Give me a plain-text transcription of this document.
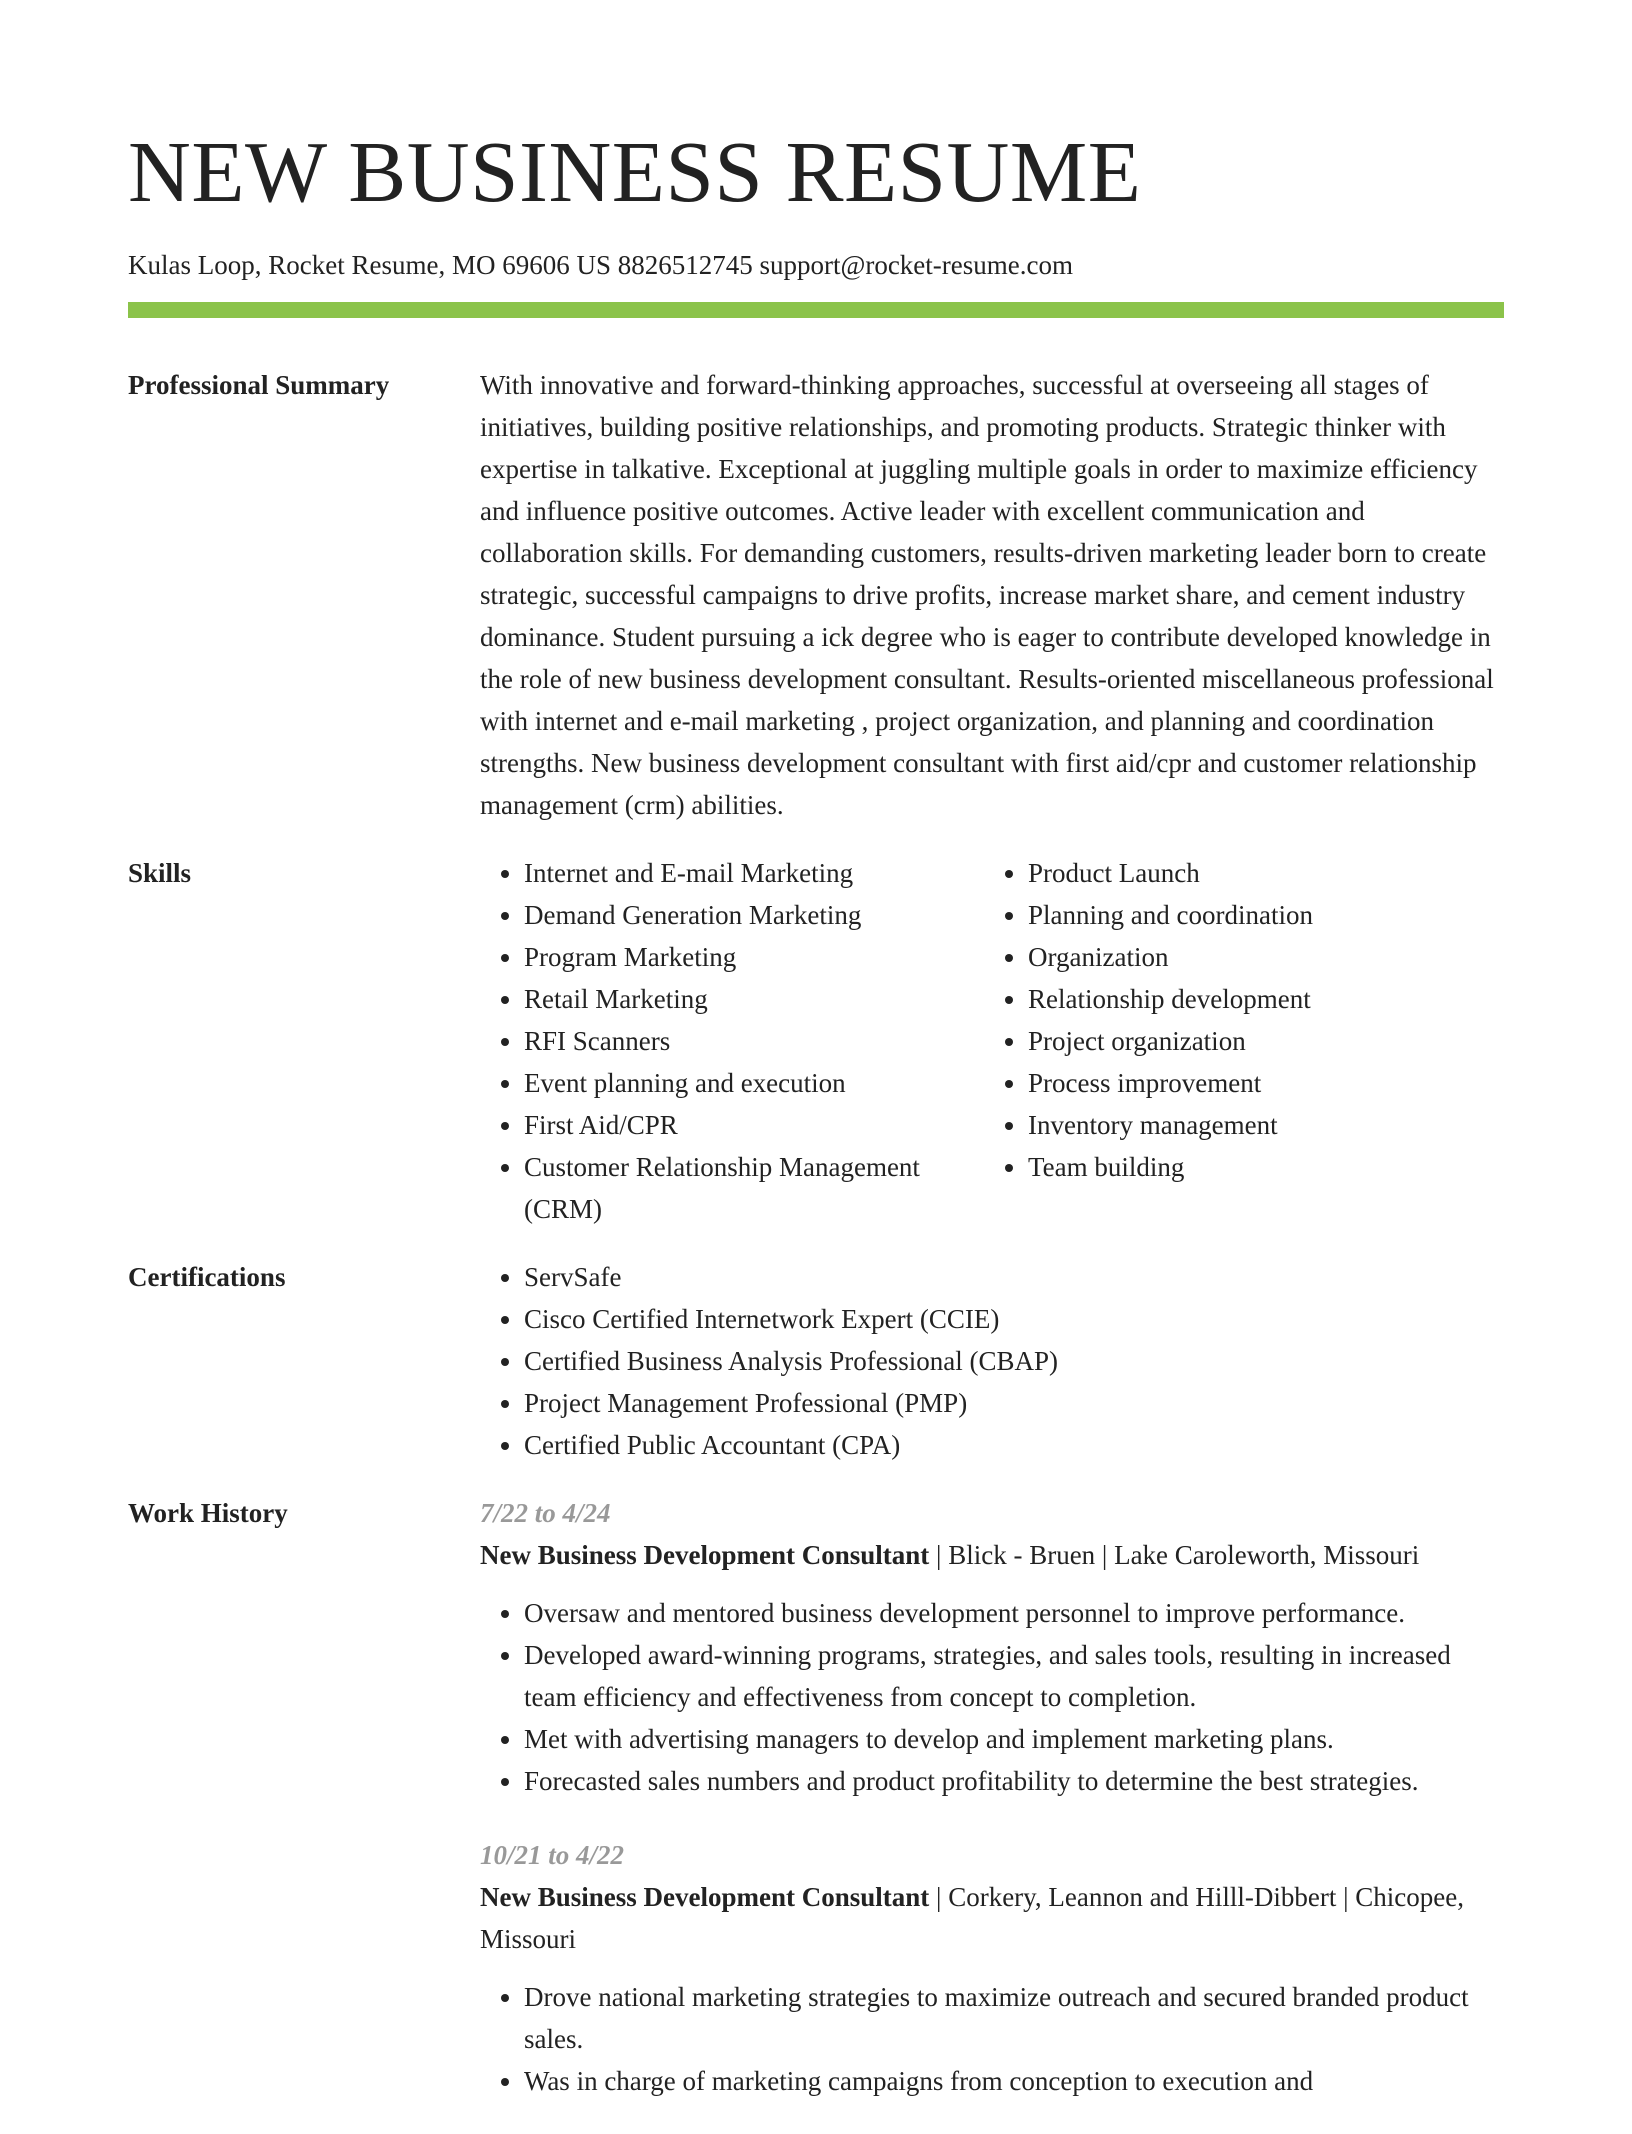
NEW BUSINESS RESUME
Kulas Loop, Rocket Resume, MO 69606 US 8826512745 support@rocket-resume.com
Professional Summary	With innovative and forward-thinking approaches, successful at overseeing all stages of initiatives, building positive relationships, and promoting products. Strategic thinker with expertise in talkative. Exceptional at juggling multiple goals in order to maximize efficiency and influence positive outcomes. Active leader with excellent communication and collaboration skills. For demanding customers, results-driven marketing leader born to create strategic, successful campaigns to drive profits, increase market share, and cement industry dominance. Student pursuing a ick degree who is eager to contribute developed knowledge in the role of new business development consultant. Results-oriented miscellaneous professional with internet and e-mail marketing , project organization, and planning and coordination strengths. New business development consultant with first aid/cpr and customer relationship management (crm) abilities.

Skills	• Internet and E-mail Marketing
• Demand Generation Marketing
• Program Marketing
• Retail Marketing
• RFI Scanners
• Event planning and execution
• First Aid/CPR
• Customer Relationship Management (CRM)
• Product Launch
• Planning and coordination
• Organization
• Relationship development
• Project organization
• Process improvement
• Inventory management
• Team building
Certifications	• ServSafe
• Cisco Certified Internetwork Expert (CCIE)
• Certified Business Analysis Professional (CBAP)
• Project Management Professional (PMP)
• Certified Public Accountant (CPA)
Work History	7/22 to 4/24
New Business Development Consultant | Blick - Bruen | Lake Caroleworth, Missouri
• Oversaw and mentored business development personnel to improve performance.
• Developed award-winning programs, strategies, and sales tools, resulting in increased team efficiency and effectiveness from concept to completion.
• Met with advertising managers to develop and implement marketing plans.
• Forecasted sales numbers and product profitability to determine the best strategies.
10/21 to 4/22
New Business Development Consultant | Corkery, Leannon and Hilll-Dibbert | Chicopee, Missouri
• Drove national marketing strategies to maximize outreach and secured branded product sales.
• Was in charge of marketing campaigns from conception to execution and
